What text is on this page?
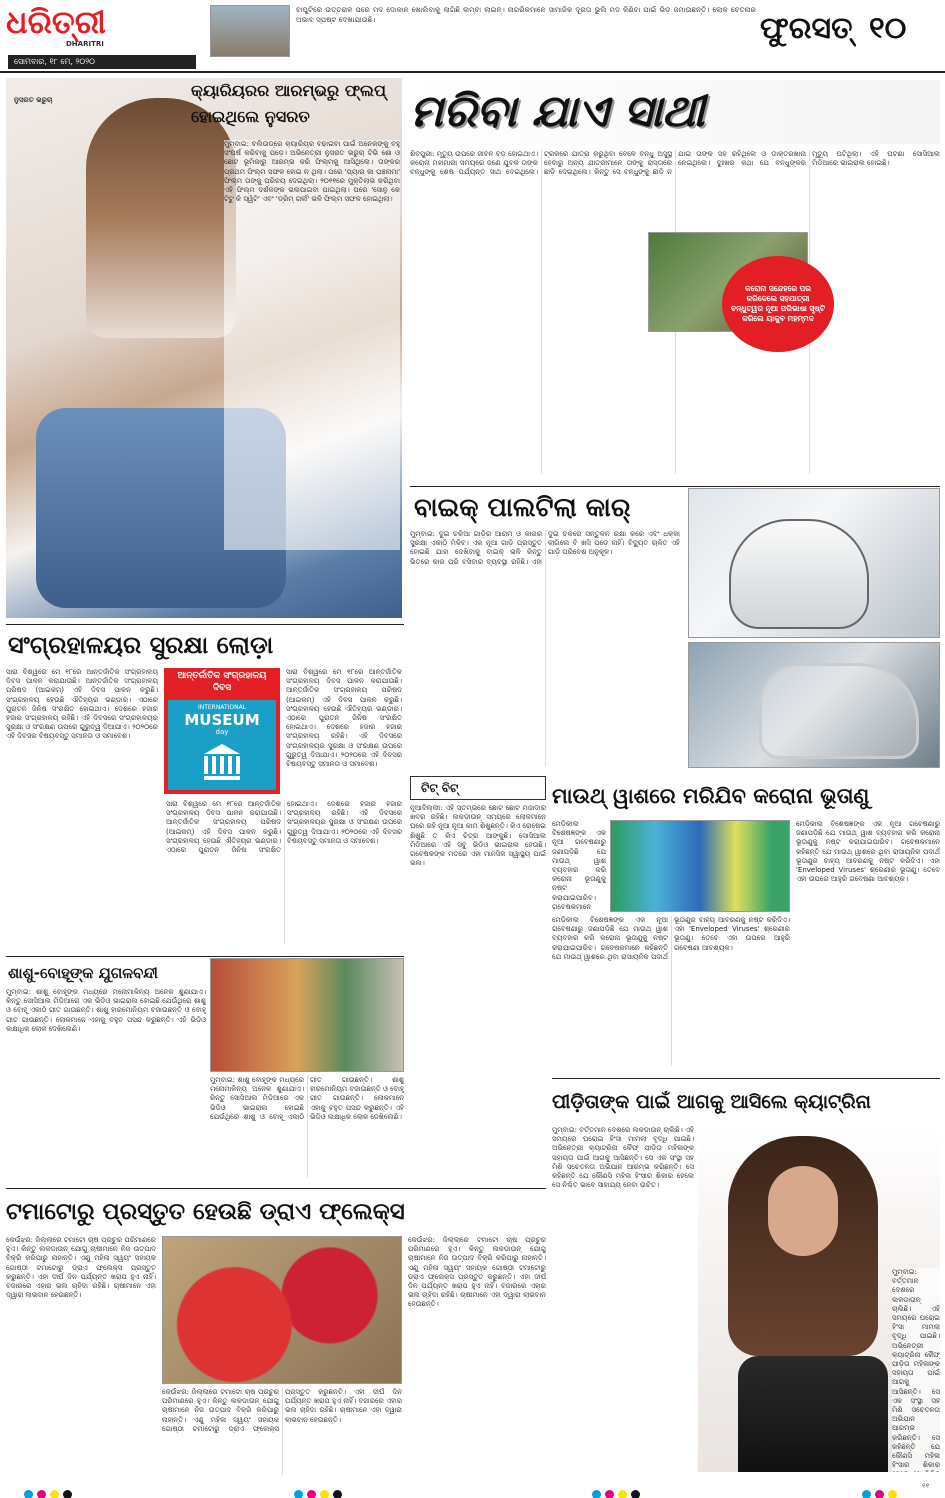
ଧରିତ୍ରୀ
DHARITRI
ସୋମବାର, ୧୮ ମେ, ୨୦୨୦
ବାଘୁଟିରେ ଉତ୍ତରାଳ ପରେ ମଦ ଦୋକାନ ଖୋଲିବାକୁ ଲାଗିଛି ଲମ୍ବା ଲାଇନ୍। ନାଗରିକମାନେ ସାମାଜିକ ଦୂରତା ଭୁଲି ମଦ କିଣିବା ପାଇଁ ଭିଡ଼ ଜମାଉଛନ୍ତି। ଲୋକ ଚେତନାର ଅଭାବ ସ୍ପଷ୍ଟ ଦେଖାଯାଉଛି।	ଫୁରସତ୍ ୧୦
ନୁସରତ ଭରୁଚା	କ୍ୟାରିୟରର ଆରମ୍ଭରୁ ଫ୍ଲପ୍ ହୋଇଥିଲେ ନୁସରତ
ମୁମ୍ବାଇ: ବଲିଉଡ୍‌ରେ କ୍ୟାରିୟର ବଢାଇବା ପାଇଁ ଅନେକଙ୍କୁ ବହୁ ସଂଘର୍ଷ କରିବାକୁ ପଡ଼େ। ଅଭିନେତ୍ରୀ ନୁସରତ ଭରୁଚା ଟିଭି ଶୋ ଓ ଛୋଟ ଭୂମିକାରୁ ଆରମ୍ଭ କରି ଫିଲ୍ମକୁ ଆସିଥିଲେ। ତାଙ୍କର ପ୍ରଥମ ଫିଲ୍ମ ସଫଳ ହୋଇ ନ ଥିଲା। ପରେ 'ପ୍ୟାର କା ପଞ୍ଚନାମା' ଫିଲ୍ମ ତାଙ୍କୁ ପରିଚୟ ଦେଇଥିଲା। ୨୦୧୧ରେ ମୁକ୍ତିଲାଭ କରିଥିବା ଏହି ଫିଲ୍ମ ଦର୍ଶକଙ୍କ ଭଲପାଇବା ପାଇଥିଲା। ପରେ 'ସୋନୁ କେ ଟିଟୁ କି ସ୍ୱିଟି' ଏବଂ 'ଡ୍ରିମ୍ ଗର୍ଲ' ଭଳି ଫିଲ୍ମ ସଫଳ ହୋଇଥିଲା।
ମରିବା ଯାଏ ସାଥୀ
ଶିବପୁରୀ: ମୃତ୍ୟୁ ଉପରେ ଜୀବନ ବଡ଼ ହୋଇଥାଏ। କରୋନା ମହାମାରୀ ସମୟରେ ଜଣେ ଯୁବକ ତାଙ୍କ ବନ୍ଧୁଙ୍କୁ ଶେଷ ପର୍ଯ୍ୟନ୍ତ ସାଥ ଦେଇଥିଲେ। ଟ୍ରକରେ ଯାତ୍ରା କରୁଥିବା ବେଳେ ବନ୍ଧୁ ଅସୁସ୍ଥ ହେବାରୁ ଅନ୍ୟ ଯାତ୍ରୀମାନେ ତାଙ୍କୁ ରାସ୍ତାରେ ଛାଡ଼ି ଦେଇଥିଲେ। କିନ୍ତୁ ସେ ବନ୍ଧୁଙ୍କୁ ଛାଡ଼ି ନ ଯାଇ ତାଙ୍କ ସହ ରହିଥିଲେ ଓ ଡାକ୍ତରଖାନା ନେଇଥିଲେ। ଦୁଃଖର କଥା ଯେ ବନ୍ଧୁଙ୍କର ମୃତ୍ୟୁ ଘଟିଥିଲା। ଏହି ଘଟଣା ସୋସିଆଲ ମିଡିଆରେ ଭାଇରାଲ ହୋଇଛି।
କରୋନା ସନ୍ଦେହରେ ପର କରିଦେଲେ ସହଯାତ୍ରୀ ବନ୍ଧୁତ୍ୱର ନୂଆ ପରିଭାଷା ସୃଷ୍ଟି କରିଲେ ୟାକୁବ ମହମ୍ମଦ
ବାଇକ୍ ପାଲଟିଲା କାର୍
ମୁମ୍ବାଇ: ଦୁଇ ଚକିଆ ଗାଡ଼ିର ଆରାମ ଓ କାରର ସୁରକ୍ଷା ଏକାଠି ମିଳିବ। ଏକ ନୂଆ ଗାଡ଼ି ପ୍ରସ୍ତୁତ ହୋଇଛି ଯାହା ଦେଖିବାକୁ ବାଇକ୍ ଭଳି କିନ୍ତୁ ଭିତରେ କାର ପରି ବସିବାର ବ୍ୟବସ୍ଥା ରହିଛି। ଏହା ଦୁଇ ଚକରେ ସନ୍ତୁଳନ ରକ୍ଷା କରେ ଏବଂ ଧକ୍କା ଲାଗିଲେ ବି ଖସି ପଡ଼େ ନାହିଁ। ବିଦ୍ୟୁତ ଚାଳିତ ଏହି ଗାଡ଼ି ପରିବେଶ ଅନୁକୂଳ।
ସଂଗ୍ରହାଳୟର ସୁରକ୍ଷା ଲୋଡ଼ା
ଆନ୍ତର୍ଜାତିକ ସଂଗ୍ରହାଳୟ ଦିବସ
INTERNATIONAL
MUSEUM
day
ସାରା ବିଶ୍ୱରେ ମେ ୧୮ରେ ଆନ୍ତର୍ଜାତିକ ସଂଗ୍ରହାଳୟ ଦିବସ ପାଳନ କରାଯାଉଛି। ଆନ୍ତର୍ଜାତିକ ସଂଗ୍ରହାଳୟ ପରିଷଦ (ଆଇକମ୍) ଏହି ଦିବସ ପାଳନ କରୁଛି। ସଂଗ୍ରହାଳୟ ହେଉଛି ଐତିହ୍ୟର ଭଣ୍ଡାର। ଏଠାରେ ପୁରାତନ ଜିନିଷ ସଂରକ୍ଷିତ ହୋଇଥାଏ। ଦେଶରେ ହଜାର ହଜାର ସଂଗ୍ରହାଳୟ ରହିଛି। ଏହି ଦିବସରେ ସଂଗ୍ରହାଳୟର ସୁରକ୍ଷା ଓ ସଂରକ୍ଷଣ ଉପରେ ଗୁରୁତ୍ୱ ଦିଆଯାଏ। ୨୦୨୦ରେ ଏହି ଦିବସର ବିଷୟବସ୍ତୁ ସମାନତା ଓ ସମାବେଶ।
ସାରା ବିଶ୍ୱରେ ମେ ୧୮ରେ ଆନ୍ତର୍ଜାତିକ ସଂଗ୍ରହାଳୟ ଦିବସ ପାଳନ କରାଯାଉଛି। ଆନ୍ତର୍ଜାତିକ ସଂଗ୍ରହାଳୟ ପରିଷଦ (ଆଇକମ୍) ଏହି ଦିବସ ପାଳନ କରୁଛି। ସଂଗ୍ରହାଳୟ ହେଉଛି ଐତିହ୍ୟର ଭଣ୍ଡାର। ଏଠାରେ ପୁରାତନ ଜିନିଷ ସଂରକ୍ଷିତ ହୋଇଥାଏ। ଦେଶରେ ହଜାର ହଜାର ସଂଗ୍ରହାଳୟ ରହିଛି। ଏହି ଦିବସରେ ସଂଗ୍ରହାଳୟର ସୁରକ୍ଷା ଓ ସଂରକ୍ଷଣ ଉପରେ ଗୁରୁତ୍ୱ ଦିଆଯାଏ। ୨୦୨୦ରେ ଏହି ଦିବସର ବିଷୟବସ୍ତୁ ସମାନତା ଓ ସମାବେଶ।
ସାରା ବିଶ୍ୱରେ ମେ ୧୮ରେ ଆନ୍ତର୍ଜାତିକ ସଂଗ୍ରହାଳୟ ଦିବସ ପାଳନ କରାଯାଉଛି। ଆନ୍ତର୍ଜାତିକ ସଂଗ୍ରହାଳୟ ପରିଷଦ (ଆଇକମ୍) ଏହି ଦିବସ ପାଳନ କରୁଛି। ସଂଗ୍ରହାଳୟ ହେଉଛି ଐତିହ୍ୟର ଭଣ୍ଡାର। ଏଠାରେ ପୁରାତନ ଜିନିଷ ସଂରକ୍ଷିତ ହୋଇଥାଏ। ଦେଶରେ ହଜାର ହଜାର ସଂଗ୍ରହାଳୟ ରହିଛି। ଏହି ଦିବସରେ ସଂଗ୍ରହାଳୟର ସୁରକ୍ଷା ଓ ସଂରକ୍ଷଣ ଉପରେ ଗୁରୁତ୍ୱ ଦିଆଯାଏ। ୨୦୨୦ରେ ଏହି ଦିବସର ବିଷୟବସ୍ତୁ ସମାନତା ଓ ସମାବେଶ।
ଶାଶୁ-ବୋହୂଙ୍କ ଯୁଗଳବନ୍ଦୀ
ମୁମ୍ବାଇ: ଶାଶୁ ବୋହୂଙ୍କ ମଧ୍ୟରେ ମନୋମାଳିନ୍ୟ ଅନେକ ଶୁଣାଯାଏ। କିନ୍ତୁ ସୋସିଆଲ ମିଡିଆରେ ଏକ ଭିଡିଓ ଭାଇରାଲ ହୋଇଛି ଯେଉଁଥିରେ ଶାଶୁ ଓ ବୋହୂ ଏକାଠି ଗୀତ ଗାଉଛନ୍ତି। ଶାଶୁ ହାରମୋନିୟମ ବଜାଉଛନ୍ତି ଓ ବୋହୂ ଗୀତ ଗାଉଛନ୍ତି। ଲୋକମାନେ ଏହାକୁ ବହୁତ ପସନ୍ଦ କରୁଛନ୍ତି। ଏହି ଭିଡିଓ ଲକ୍ଷାଧିକ ଲୋକ ଦେଖିଲେଣି।
ମୁମ୍ବାଇ: ଶାଶୁ ବୋହୂଙ୍କ ମଧ୍ୟରେ ମନୋମାଳିନ୍ୟ ଅନେକ ଶୁଣାଯାଏ। କିନ୍ତୁ ସୋସିଆଲ ମିଡିଆରେ ଏକ ଭିଡିଓ ଭାଇରାଲ ହୋଇଛି ଯେଉଁଥିରେ ଶାଶୁ ଓ ବୋହୂ ଏକାଠି ଗୀତ ଗାଉଛନ୍ତି। ଶାଶୁ ହାରମୋନିୟମ ବଜାଉଛନ୍ତି ଓ ବୋହୂ ଗୀତ ଗାଉଛନ୍ତି। ଲୋକମାନେ ଏହାକୁ ବହୁତ ପସନ୍ଦ କରୁଛନ୍ତି। ଏହି ଭିଡିଓ ଲକ୍ଷାଧିକ ଲୋକ ଦେଖିଲେଣି।
ଟିଟ୍ ବିଟ୍
ନୂଆଦିଲ୍ଲୀ: ଏହି ସ୍ତମ୍ଭରେ ଛୋଟ ଛୋଟ ମଜାଦାର ଖବର ରହିଛି। ଲକଡାଉନ୍ ସମୟରେ ଲୋକମାନେ ଘରେ ରହି ନୂଆ ନୂଆ କାମ ଶିଖୁଛନ୍ତି। କିଏ ରୋଷେଇ ଶିଖୁଛି ତ କିଏ ଚିତ୍ର ଆଙ୍କୁଛି। ସୋସିଆଲ ମିଡିଆରେ ଏହି ସବୁ ଭିଡିଓ ଭାଇରାଲ ହେଉଛି। ଗବେଷକଙ୍କ ମତରେ ଏହା ମାନସିକ ସ୍ୱାସ୍ଥ୍ୟ ପାଇଁ ଭଲ।
ମାଉଥ୍ ୱାଶରେ ମରିଯିବ କରୋନା ଭୂତାଣୁ
ମେଡ଼ିକାଲ ବିଶେଷଜ୍ଞଙ୍କ ଏକ ନୂଆ ଗବେଷଣାରୁ ଜଣାପଡ଼ିଛି ଯେ ମାଉଥ୍ ୱାଶ ବ୍ୟବହାର କରି କରୋନା ଭୂତାଣୁକୁ ନଷ୍ଟ କରାଯାଇପାରିବ। ଗବେଷକମାନେ
ମେଡ଼ିକାଲ ବିଶେଷଜ୍ଞଙ୍କ ଏକ ନୂଆ ଗବେଷଣାରୁ ଜଣାପଡ଼ିଛି ଯେ ମାଉଥ୍ ୱାଶ ବ୍ୟବହାର କରି କରୋନା ଭୂତାଣୁକୁ ନଷ୍ଟ କରାଯାଇପାରିବ। ଗବେଷକମାନେ କହିଛନ୍ତି ଯେ ମାଉଥ୍ ୱାଶରେ ଥିବା ରାସାୟନିକ ପଦାର୍ଥ ଭୂତାଣୁର ବାହ୍ୟ ଆବରଣକୁ ନଷ୍ଟ କରିଦିଏ। ଏହା 'Enveloped Viruses' ଶ୍ରେଣୀର ଭୂତାଣୁ। ତେବେ ଏହା ଉପରେ ଆହୁରି ଗବେଷଣା ଆବଶ୍ୟକ।
ମେଡ଼ିକାଲ ବିଶେଷଜ୍ଞଙ୍କ ଏକ ନୂଆ ଗବେଷଣାରୁ ଜଣାପଡ଼ିଛି ଯେ ମାଉଥ୍ ୱାଶ ବ୍ୟବହାର କରି କରୋନା ଭୂତାଣୁକୁ ନଷ୍ଟ କରାଯାଇପାରିବ। ଗବେଷକମାନେ କହିଛନ୍ତି ଯେ ମାଉଥ୍ ୱାଶରେ ଥିବା ରାସାୟନିକ ପଦାର୍ଥ ଭୂତାଣୁର ବାହ୍ୟ ଆବରଣକୁ ନଷ୍ଟ କରିଦିଏ। ଏହା 'Enveloped Viruses' ଶ୍ରେଣୀର ଭୂତାଣୁ। ତେବେ ଏହା ଉପରେ ଆହୁରି ଗବେଷଣା ଆବଶ୍ୟକ।
ପୀଡ଼ିତାଙ୍କ ପାଇଁ ଆଗକୁ ଆସିଲେ କ୍ୟାଟ୍ରିନା
ମୁମ୍ବାଇ: ବର୍ତ୍ତମାନ ଦେଶରେ ଲକଡାଉନ୍ ଚାଲିଛି। ଏହି ସମୟରେ ଘରୋଇ ହିଂସା ମାମଲା ବୃଦ୍ଧି ପାଇଛି। ଅଭିନେତ୍ରୀ କ୍ୟାଟ୍ରିନା କୈଫ୍ ପୀଡ଼ିତା ମହିଳାଙ୍କ ସହାୟତା ପାଇଁ ଆଗକୁ ଆସିଛନ୍ତି। ସେ ଏକ ସଂସ୍ଥା ସହ ମିଶି ସଚେତନତା ଅଭିଯାନ ଆରମ୍ଭ କରିଛନ୍ତି। ସେ କହିଛନ୍ତି ଯେ କୌଣସି ମହିଳା ହିଂସାର ଶିକାର ହେଲେ ସେ ନିଶ୍ଚିତ ଭାବେ ସାହାଯ୍ୟ ନେବା ଉଚିତ।
ମୁମ୍ବାଇ: ବର୍ତ୍ତମାନ ଦେଶରେ ଲକଡାଉନ୍ ଚାଲିଛି। ଏହି ସମୟରେ ଘରୋଇ ହିଂସା ମାମଲା ବୃଦ୍ଧି ପାଇଛି। ଅଭିନେତ୍ରୀ କ୍ୟାଟ୍ରିନା କୈଫ୍ ପୀଡ଼ିତା ମହିଳାଙ୍କ ସହାୟତା ପାଇଁ ଆଗକୁ ଆସିଛନ୍ତି। ସେ ଏକ ସଂସ୍ଥା ସହ ମିଶି ସଚେତନତା ଅଭିଯାନ ଆରମ୍ଭ କରିଛନ୍ତି। ସେ କହିଛନ୍ତି ଯେ କୌଣସି ମହିଳା ହିଂସାର ଶିକାର
ଟମାଟୋରୁ ପ୍ରସ୍ତୁତ ହେଉଛି ଡ୍ରାଏ ଫ୍ଲେକ୍ସ
କେଉଁଝର: ଜିଲ୍ଲାରେ ଟମାଟୋ ଚାଷ ପ୍ରଚୁର ପରିମାଣରେ ହୁଏ। କିନ୍ତୁ ଲକଡାଉନ୍ ଯୋଗୁ ଚାଷୀମାନେ ନିଜ ଉତ୍ପାଦ ବିକ୍ରି କରିପାରୁ ନାହାନ୍ତି। ଏଣୁ ମହିଳା ସ୍ୱୟଂ ସହାୟକ ଗୋଷ୍ଠୀ ଟମାଟୋରୁ ଡ୍ରାଏ ଫ୍ଲେକ୍ସ ପ୍ରସ୍ତୁତ କରୁଛନ୍ତି। ଏହା ଦୀର୍ଘ ଦିନ ପର୍ଯ୍ୟନ୍ତ ଖରାପ ହୁଏ ନାହିଁ। ବଜାରରେ ଏହାର ଭଲ ଚାହିଦା ରହିଛି। ଚାଷୀମାନେ ଏହା ଦ୍ୱାରା ଲାଭବାନ ହେଉଛନ୍ତି।
କେଉଁଝର: ଜିଲ୍ଲାରେ ଟମାଟୋ ଚାଷ ପ୍ରଚୁର ପରିମାଣରେ ହୁଏ। କିନ୍ତୁ ଲକଡାଉନ୍ ଯୋଗୁ ଚାଷୀମାନେ ନିଜ ଉତ୍ପାଦ ବିକ୍ରି କରିପାରୁ ନାହାନ୍ତି। ଏଣୁ ମହିଳା ସ୍ୱୟଂ ସହାୟକ ଗୋଷ୍ଠୀ ଟମାଟୋରୁ ଡ୍ରାଏ ଫ୍ଲେକ୍ସ ପ୍ରସ୍ତୁତ କରୁଛନ୍ତି। ଏହା ଦୀର୍ଘ ଦିନ ପର୍ଯ୍ୟନ୍ତ ଖରାପ ହୁଏ ନାହିଁ। ବଜାରରେ ଏହାର ଭଲ ଚାହିଦା ରହିଛି। ଚାଷୀମାନେ ଏହା ଦ୍ୱାରା ଲାଭବାନ ହେଉଛନ୍ତି।
କେଉଁଝର: ଜିଲ୍ଲାରେ ଟମାଟୋ ଚାଷ ପ୍ରଚୁର ପରିମାଣରେ ହୁଏ। କିନ୍ତୁ ଲକଡାଉନ୍ ଯୋଗୁ ଚାଷୀମାନେ ନିଜ ଉତ୍ପାଦ ବିକ୍ରି କରିପାରୁ ନାହାନ୍ତି। ଏଣୁ ମହିଳା ସ୍ୱୟଂ ସହାୟକ ଗୋଷ୍ଠୀ ଟମାଟୋରୁ ଡ୍ରାଏ ଫ୍ଲେକ୍ସ ପ୍ରସ୍ତୁତ କରୁଛନ୍ତି। ଏହା ଦୀର୍ଘ ଦିନ ପର୍ଯ୍ୟନ୍ତ ଖରାପ ହୁଏ ନାହିଁ। ବଜାରରେ ଏହାର ଭଲ ଚାହିଦା ରହିଛି। ଚାଷୀମାନେ ଏହା ଦ୍ୱାରା ଲାଭବାନ ହେଉଛନ୍ତି।
୧୧
